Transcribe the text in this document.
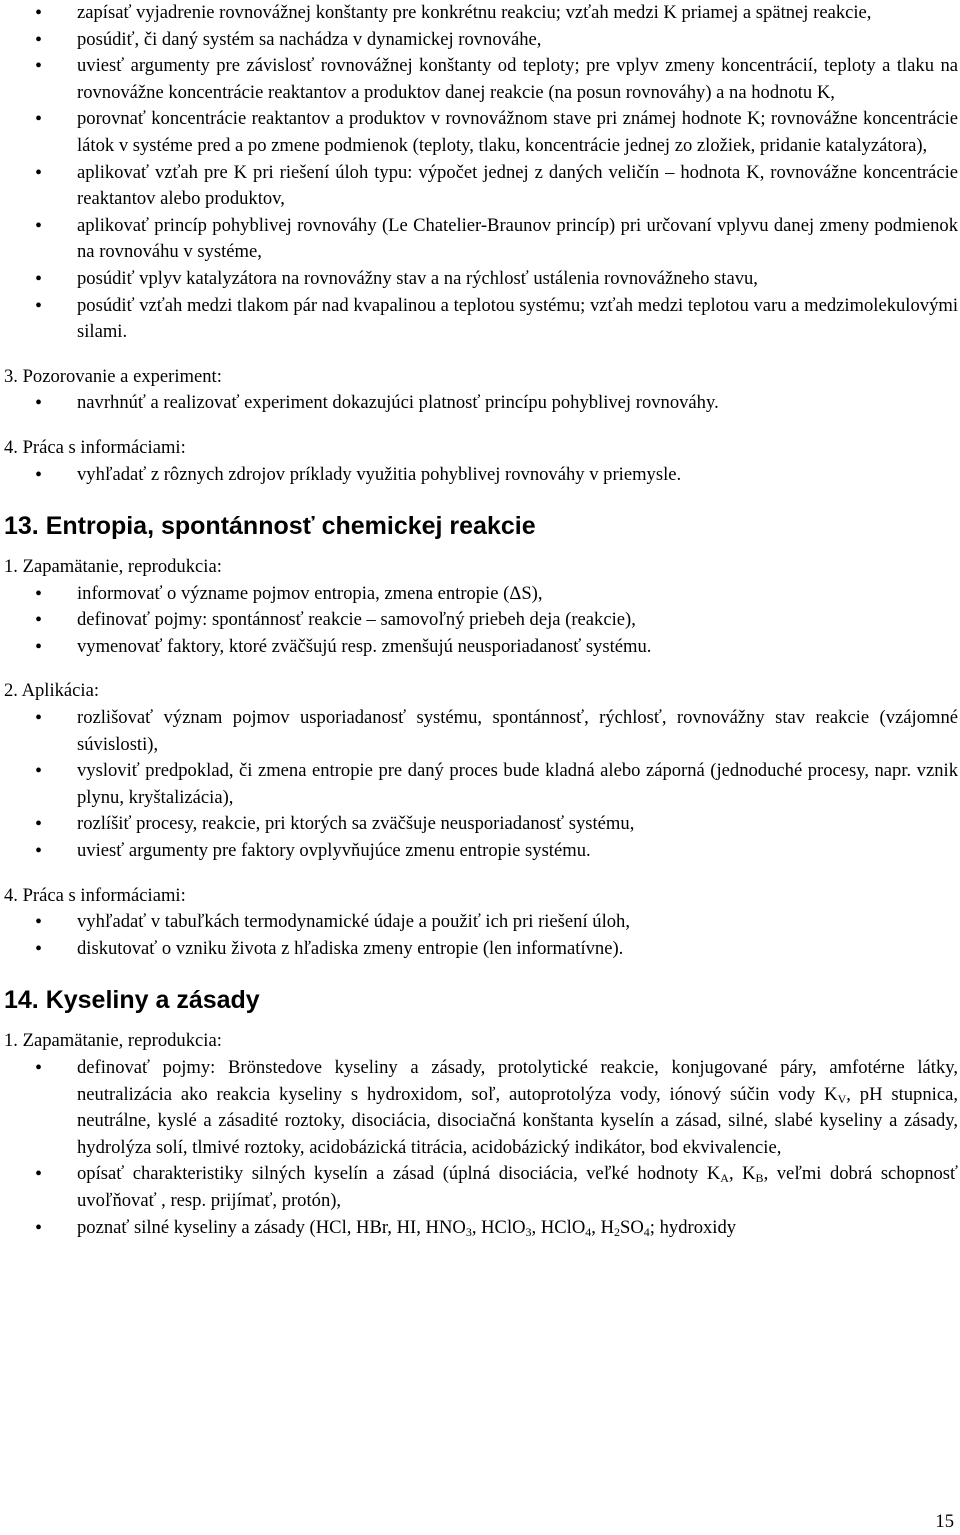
• zapísať vyjadrenie rovnovážnej konštanty pre konkrétnu reakciu; vzťah medzi K priamej a spätnej reakcie,
• posúdiť, či daný systém sa nachádza v dynamickej rovnováhe,
• uviesť argumenty pre závislosť rovnovážnej konštanty od teploty; pre vplyv zmeny koncentrácií, teploty a tlaku na rovnovážne koncentrácie reaktantov a produktov danej reakcie (na posun rovnováhy) a na hodnotu K,
• porovnať koncentrácie reaktantov a produktov v rovnovážnom stave pri známej hodnote K; rovnovážne koncentrácie látok v systéme pred a po zmene podmienok (teploty, tlaku, koncentrácie jednej zo zložiek, pridanie katalyzátora),
• aplikovať vzťah pre K pri riešení úloh typu: výpočet jednej z daných veličín – hodnota K, rovnovážne koncentrácie reaktantov alebo produktov,
• aplikovať princíp pohyblivej rovnováhy (Le Chatelier-Braunov princíp) pri určovaní vplyvu danej zmeny podmienok na rovnováhu v systéme,
• posúdiť vplyv katalyzátora na rovnovážny stav a na rýchlosť ustálenia rovnovážneho stavu,
• posúdiť vzťah medzi tlakom pár nad kvapalinou a teplotou systému; vzťah medzi teplotou varu a medzimolekulovými silami.
3. Pozorovanie a experiment:
• navrhnúť a realizovať experiment dokazujúci platnosť princípu pohyblivej rovnováhy.
4. Práca s informáciami:
• vyhľadať z rôznych zdrojov príklady využitia pohyblivej rovnováhy v priemysle.
13. Entropia, spontánnosť chemickej reakcie
1. Zapamätanie, reprodukcia:
• informovať o význame pojmov entropia, zmena entropie (ΔS),
• definovať pojmy: spontánnosť reakcie – samovoľný priebeh deja (reakcie),
• vymenovať faktory, ktoré zväčšujú resp. zmenšujú neusporiadanosť systému.
2. Aplikácia:
• rozlišovať význam pojmov usporiadanosť systému, spontánnosť, rýchlosť, rovnovážny stav reakcie (vzájomné súvislosti),
• vysloviť predpoklad, či zmena entropie pre daný proces bude kladná alebo záporná (jednoduché procesy, napr. vznik plynu, kryštalizácia),
• rozlíšiť procesy, reakcie, pri ktorých sa zväčšuje neusporiadanosť systému,
• uviesť argumenty pre faktory ovplyvňujúce zmenu entropie systému.
4. Práca s informáciami:
• vyhľadať v tabuľkách termodynamické údaje a použiť ich pri riešení úloh,
• diskutovať o vzniku života z hľadiska zmeny entropie (len informatívne).
14. Kyseliny a zásady
1. Zapamätanie, reprodukcia:
• definovať pojmy: Brönstedove kyseliny a zásady, protolytické reakcie, konjugované páry, amfotérne látky, neutralizácia ako reakcia kyseliny s hydroxidom, soľ, autoprotolýza vody, iónový súčin vody $K_V$, pH stupnica, neutrálne, kyslé a zásadité roztoky, disociácia, disociačná konštanta kyselín a zásad, silné, slabé kyseliny a zásady, hydrolýza solí, tlmivé roztoky, acidobázická titrácia, acidobázický indikátor, bod ekvivalencie,
• opísať charakteristiky silných kyselín a zásad (úplná disociácia, veľké hodnoty $K_A$, $K_B$, veľmi dobrá schopnosť uvoľňovať , resp. prijímať, protón),
• poznať silné kyseliny a zásady (HCl, HBr, HI, $HNO_3$, HClO$_3$, HClO$_4$, $H_2SO_4$; hydroxidy
15
